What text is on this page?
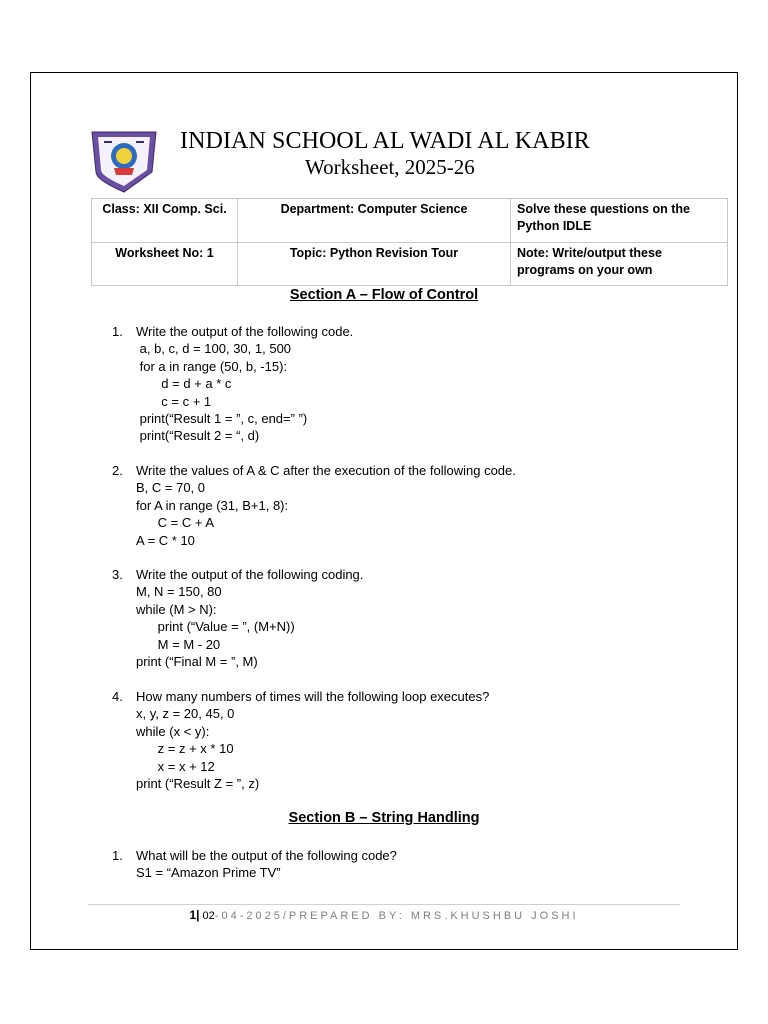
INDIAN SCHOOL AL WADI AL KABIR
Worksheet, 2025-26
Class: XII Comp. Sci.	Department: Computer Science	Solve these questions on the Python IDLE
Worksheet No: 1	Topic: Python Revision Tour	Note: Write/output these programs on your own
Section A – Flow of Control
1. Write the output of the following code.
a, b, c, d = 100, 30, 1, 500
for a in range (50, b, -15):
d = d + a * c
c = c + 1
print(“Result 1 = ”, c, end=” ”)
print(“Result 2 = “, d)
2. Write the values of A & C after the execution of the following code.
B, C = 70, 0
for A in range (31, B+1, 8):
C = C + A
A = C * 10
3. Write the output of the following coding.
M, N = 150, 80
while (M > N):
print (“Value = ”, (M+N))
M = M - 20
print (“Final M = ”, M)
4. How many numbers of times will the following loop executes?
x, y, z = 20, 45, 0
while (x < y):
z = z + x * 10
x = x + 12
print (“Result Z = ”, z)
Section B – String Handling
1. What will be the output of the following code?
S1 = “Amazon Prime TV”
1| 02-04-2025/PREPARED BY: MRS.KHUSHBU JOSHI
